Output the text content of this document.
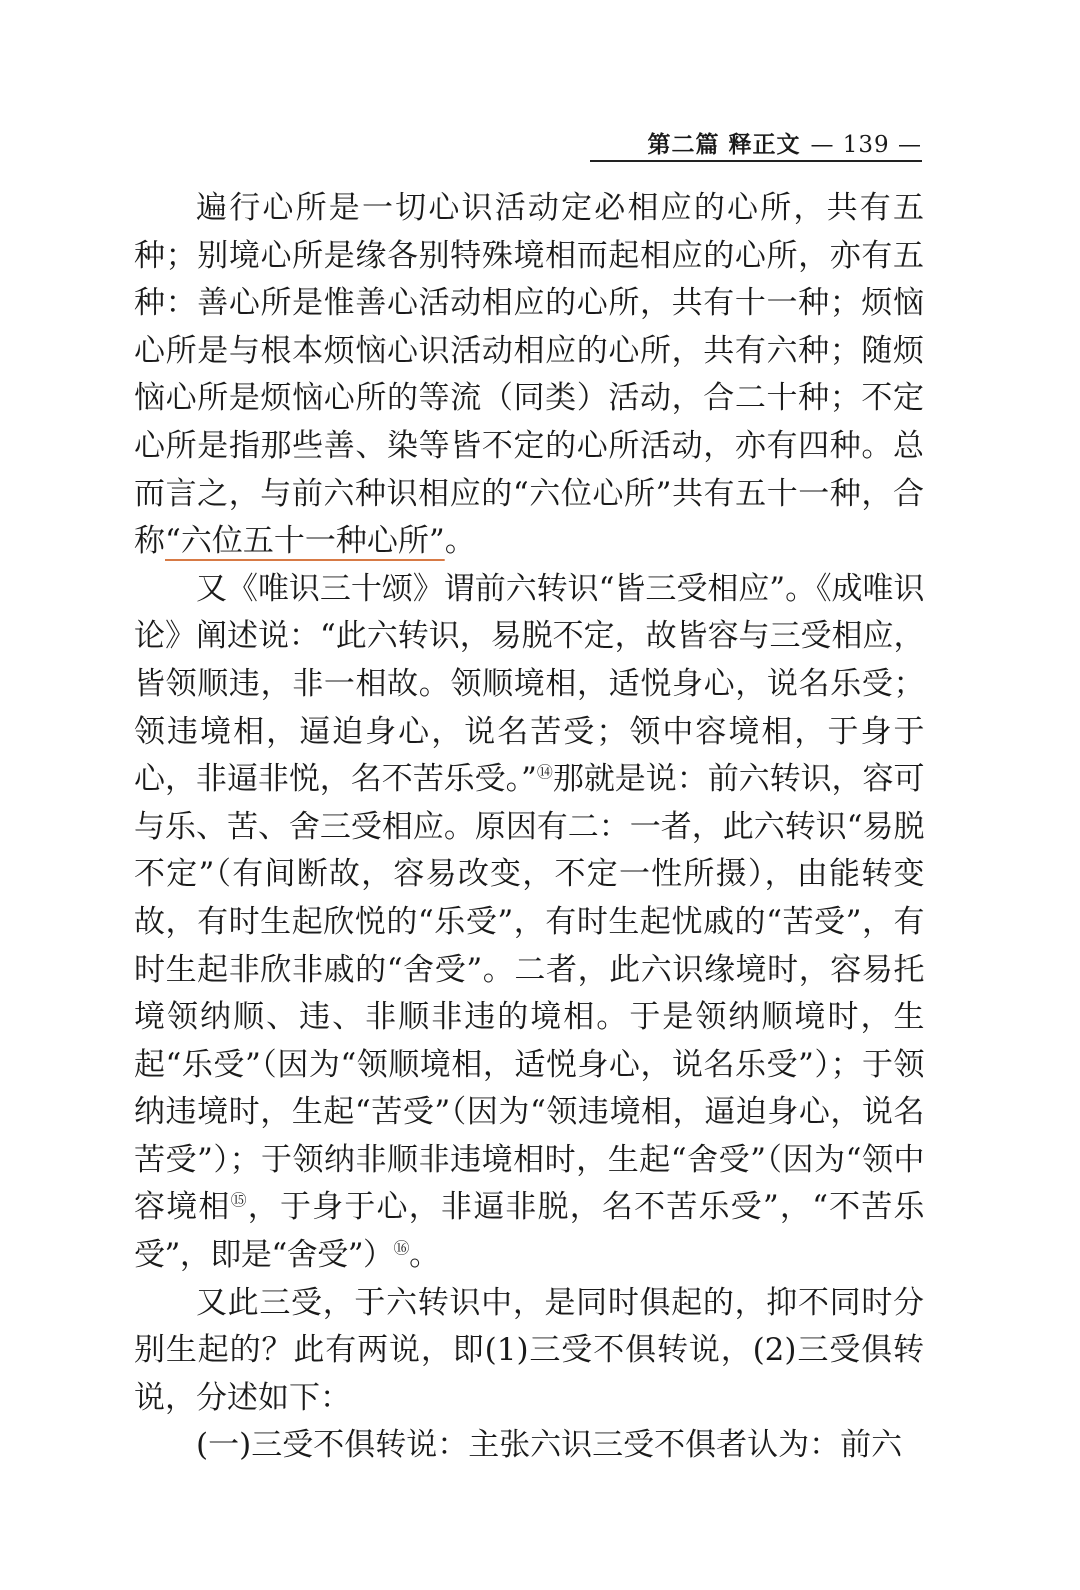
第二篇 释正文 — 139 —

遍行心所是一切心识活动定必相应的心所，共有五种；别境心所是缘各别特殊境相而起相应的心所，亦有五种：善心所是惟善心活动相应的心所，共有十一种；烦恼心所是与根本烦恼心识活动相应的心所，共有六种；随烦恼心所是烦恼心所的等流（同类）活动，合二十种；不定心所是指那些善、染等皆不定的心所活动，亦有四种。总而言之，与前六种识相应的“六位心所”共有五十一种，合称“六位五十一种心所”。

又《唯识三十颂》谓前六转识“皆三受相应”。《成唯识论》阐述说：“此六转识，易脱不定，故皆容与三受相应，皆领顺违，非一相故。领顺境相，适悦身心，说名乐受；领违境相，逼迫身心，说名苦受；领中容境相，于身于心，非逼非悦，名不苦乐受。”⑭那就是说：前六转识，容可与乐、苦、舍三受相应。原因有二：一者，此六转识“易脱不定”（有间断故，容易改变，不定一性所摄），由能转变故，有时生起欣悦的“乐受”，有时生起忧戚的“苦受”，有时生起非欣非戚的“舍受”。二者，此六识缘境时，容易托境领纳顺、违、非顺非违的境相。于是领纳顺境时，生起“乐受”（因为“领顺境相，适悦身心，说名乐受”）；于领纳违境时，生起“苦受”（因为“领违境相，逼迫身心，说名苦受”）；于领纳非顺非违境相时，生起“舍受”（因为“领中容境相⑮，于身于心，非逼非脱，名不苦乐受”，“不苦乐受”，即是“舍受”）⑯。

又此三受，于六转识中，是同时俱起的，抑不同时分别生起的？此有两说，即(1)三受不俱转说，(2)三受俱转说，分述如下：

(一)三受不俱转说：主张六识三受不俱者认为：前六
